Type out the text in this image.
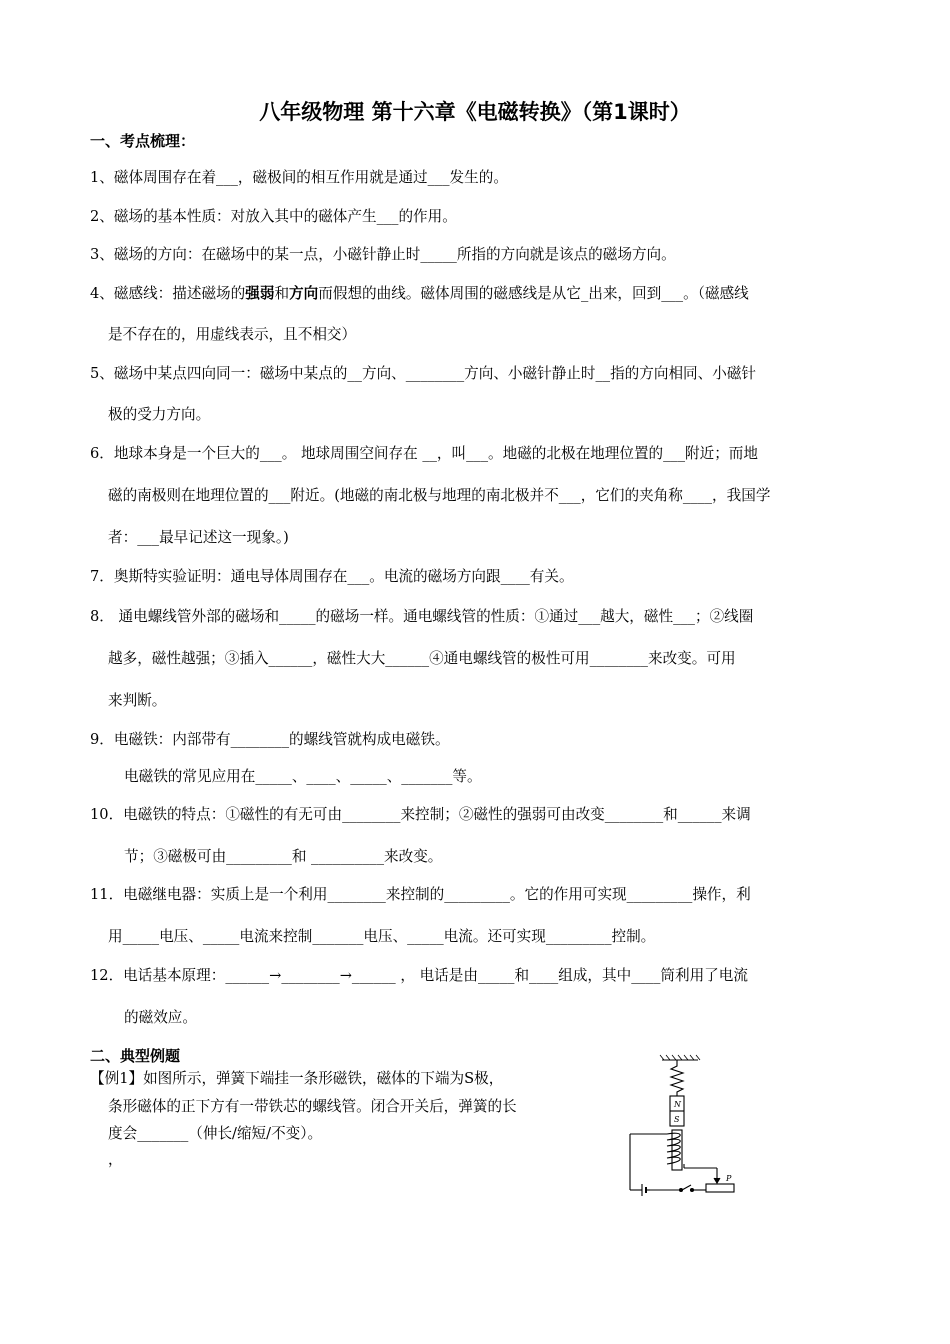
八年级物理 第十六章《电磁转换》（第1课时）
一、考点梳理：
1、磁体周围存在着___，磁极间的相互作用就是通过___发生的。
2、磁场的基本性质：对放入其中的磁体产生___的作用。
3、磁场的方向：在磁场中的某一点，小磁针静止时_____所指的方向就是该点的磁场方向。
4、磁感线：描述磁场的强弱和方向而假想的曲线。磁体周围的磁感线是从它_出来，回到___。（磁感线
是不存在的，用虚线表示，且不相交）
5、磁场中某点四向同一：磁场中某点的__方向、________方向、小磁针静止时__指的方向相同、小磁针
极的受力方向。
6．地球本身是一个巨大的___。 地球周围空间存在 __，叫___。地磁的北极在地理位置的___附近；而地
磁的南极则在地理位置的___附近。(地磁的南北极与地理的南北极并不___，它们的夹角称____，我国学
者：___最早记述这一现象。)
7．奥斯特实验证明：通电导体周围存在___。电流的磁场方向跟____有关。
8． 通电螺线管外部的磁场和_____的磁场一样。通电螺线管的性质：①通过___越大，磁性___；②线圈
越多，磁性越强；③插入______，磁性大大______④通电螺线管的极性可用________来改变。可用
来判断。
9．电磁铁：内部带有________的螺线管就构成电磁铁。
电磁铁的常见应用在_____、____、_____、_______等。
10．电磁铁的特点：①磁性的有无可由________来控制；②磁性的强弱可由改变________和______来调
节；③磁极可由_________和 __________来改变。
11．电磁继电器：实质上是一个利用________来控制的_________。它的作用可实现_________操作，利
用_____电压、_____电流来控制_______电压、_____电流。还可实现_________控制。
12．电话基本原理：______→________→______ ， 电话是由_____和____组成，其中____筒利用了电流
的磁效应。
二、典型例题
【例1】如图所示，弹簧下端挂一条形磁铁，磁体的下端为S极，
条形磁体的正下方有一带铁芯的螺线管。闭合开关后，弹簧的长
度会_______（伸长/缩短/不变）。
，
N
S
P
